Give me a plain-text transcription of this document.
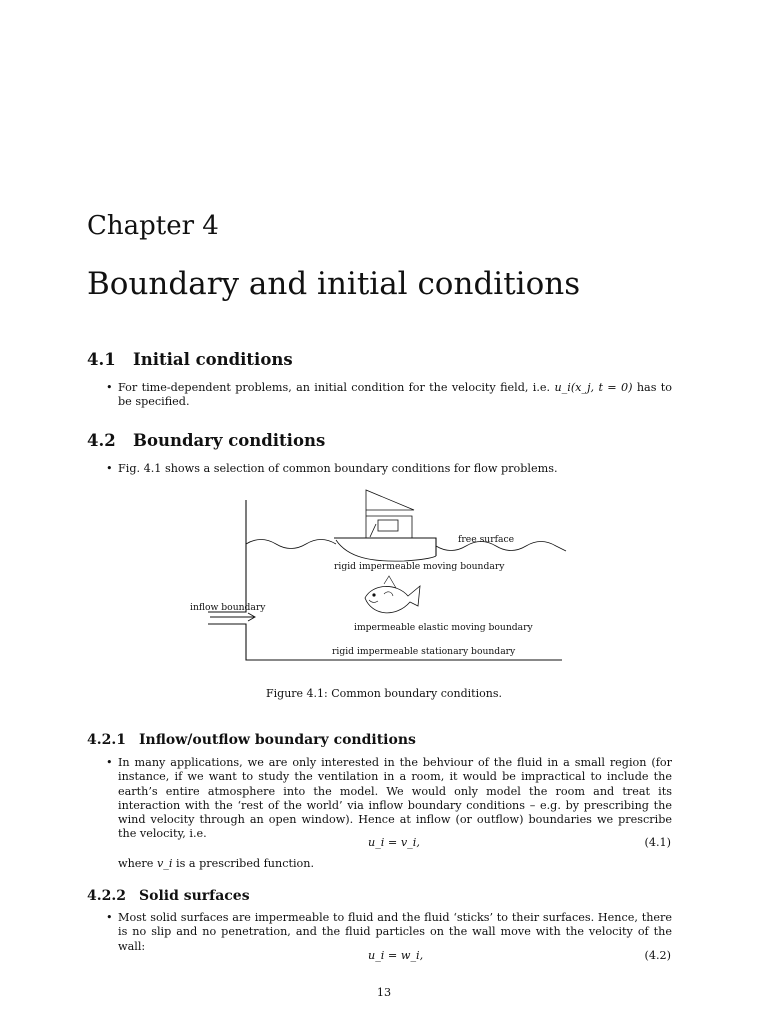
Chapter 4
Boundary and initial conditions
4.1 Initial conditions
• For time-dependent problems, an initial condition for the velocity field, i.e. u_i(x_j, t = 0) has to be specified.
4.2 Boundary conditions
• Fig. 4.1 shows a selection of common boundary conditions for flow problems.
free surface
rigid impermeable moving boundary
inflow boundary
impermeable elastic moving boundary
rigid impermeable stationary boundary
Figure 4.1: Common boundary conditions.
4.2.1 Inflow/outflow boundary conditions
• In many applications, we are only interested in the behviour of the fluid in a small region (for instance, if we want to study the ventilation in a room, it would be impractical to include the earth’s entire atmosphere into the model. We would only model the room and treat its interaction with the ‘rest of the world’ via inflow boundary conditions – e.g. by prescribing the wind velocity through an open window). Hence at inflow (or outflow) boundaries we prescribe the velocity, i.e.
u_i = v_i,	(4.1)
where v_i is a prescribed function.
4.2.2 Solid surfaces
• Most solid surfaces are impermeable to fluid and the fluid ‘sticks’ to their surfaces. Hence, there is no slip and no penetration, and the fluid particles on the wall move with the velocity of the wall:
u_i = w_i,	(4.2)
13
